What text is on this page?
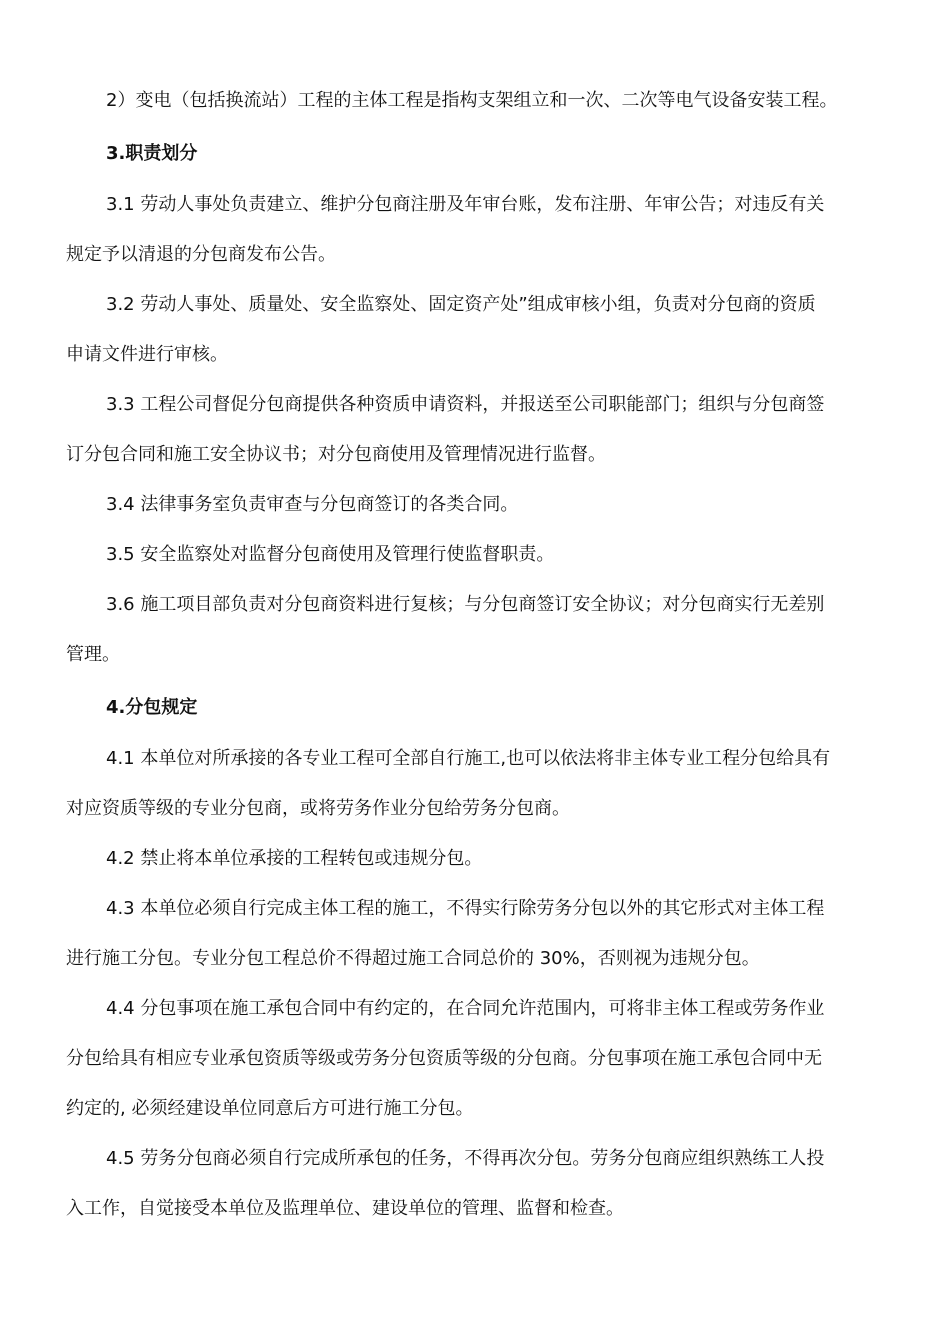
2）变电（包括换流站）工程的主体工程是指构支架组立和一次、二次等电气设备安装工程。
3.职责划分
3.1 劳动人事处负责建立、维护分包商注册及年审台账，发布注册、年审公告；对违反有关
规定予以清退的分包商发布公告。
3.2 劳动人事处、质量处、安全监察处、固定资产处”组成审核小组，负责对分包商的资质
申请文件进行审核。
3.3 工程公司督促分包商提供各种资质申请资料，并报送至公司职能部门；组织与分包商签
订分包合同和施工安全协议书；对分包商使用及管理情况进行监督。
3.4 法律事务室负责审查与分包商签订的各类合同。
3.5 安全监察处对监督分包商使用及管理行使监督职责。
3.6 施工项目部负责对分包商资料进行复核；与分包商签订安全协议；对分包商实行无差别
管理。
4.分包规定
4.1 本单位对所承接的各专业工程可全部自行施工,也可以依法将非主体专业工程分包给具有
对应资质等级的专业分包商，或将劳务作业分包给劳务分包商。
4.2 禁止将本单位承接的工程转包或违规分包。
4.3 本单位必须自行完成主体工程的施工，不得实行除劳务分包以外的其它形式对主体工程
进行施工分包。专业分包工程总价不得超过施工合同总价的 30%，否则视为违规分包。
4.4 分包事项在施工承包合同中有约定的，在合同允许范围内，可将非主体工程或劳务作业
分包给具有相应专业承包资质等级或劳务分包资质等级的分包商。分包事项在施工承包合同中无
约定的, 必须经建设单位同意后方可进行施工分包。
4.5 劳务分包商必须自行完成所承包的任务，不得再次分包。劳务分包商应组织熟练工人投
入工作，自觉接受本单位及监理单位、建设单位的管理、监督和检查。
